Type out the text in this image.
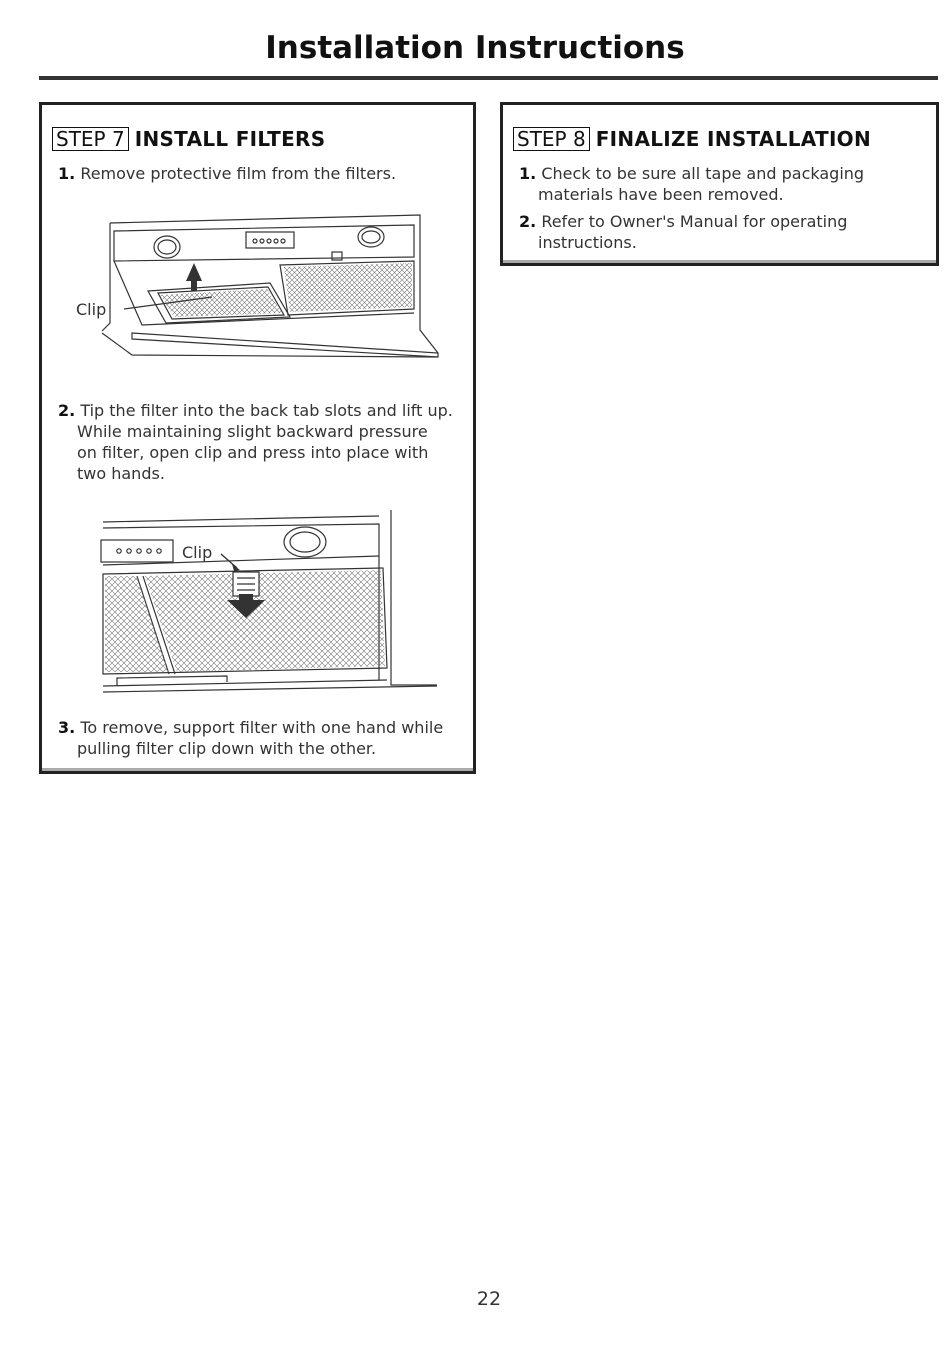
Installation Instructions
STEP 7 INSTALL FILTERS
1. Remove protective film from the filters.
Clip
2. Tip the filter into the back tab slots and lift up.
While maintaining slight backward pressure
on filter, open clip and press into place with
two hands.
Clip
3. To remove, support filter with one hand while
pulling filter clip down with the other.
STEP 8 FINALIZE INSTALLATION
1. Check to be sure all tape and packaging
materials have been removed.
2. Refer to Owner's Manual for operating
instructions.
22
